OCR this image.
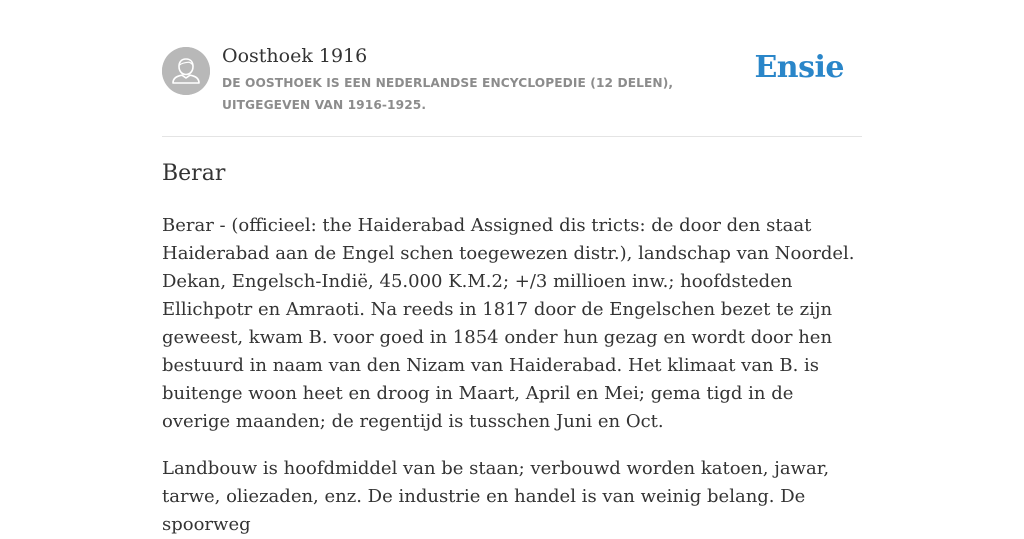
Oosthoek 1916
DE OOSTHOEK IS EEN NEDERLANDSE ENCYCLOPEDIE (12 DELEN), UITGEGEVEN VAN 1916-1925.
Ensie
Berar

Berar - (officieel: the Haiderabad Assigned dis tricts: de door den staat Haiderabad aan de Engel schen toegewezen distr.), landschap van Noordel. Dekan, Engelsch-Indië, 45.000 K.M.2; +/3 millioen inw.; hoofdsteden Ellichpotr en Amraoti. Na reeds in 1817 door de Engelschen bezet te zijn geweest, kwam B. voor goed in 1854 onder hun gezag en wordt door hen bestuurd in naam van den Nizam van Haiderabad. Het klimaat van B. is buitenge woon heet en droog in Maart, April en Mei; gema tigd in de overige maanden; de regentijd is tusschen Juni en Oct.

Landbouw is hoofdmiddel van be staan; verbouwd worden katoen, jawar, tarwe, oliezaden, enz. De industrie en handel is van weinig belang. De spoorweg
